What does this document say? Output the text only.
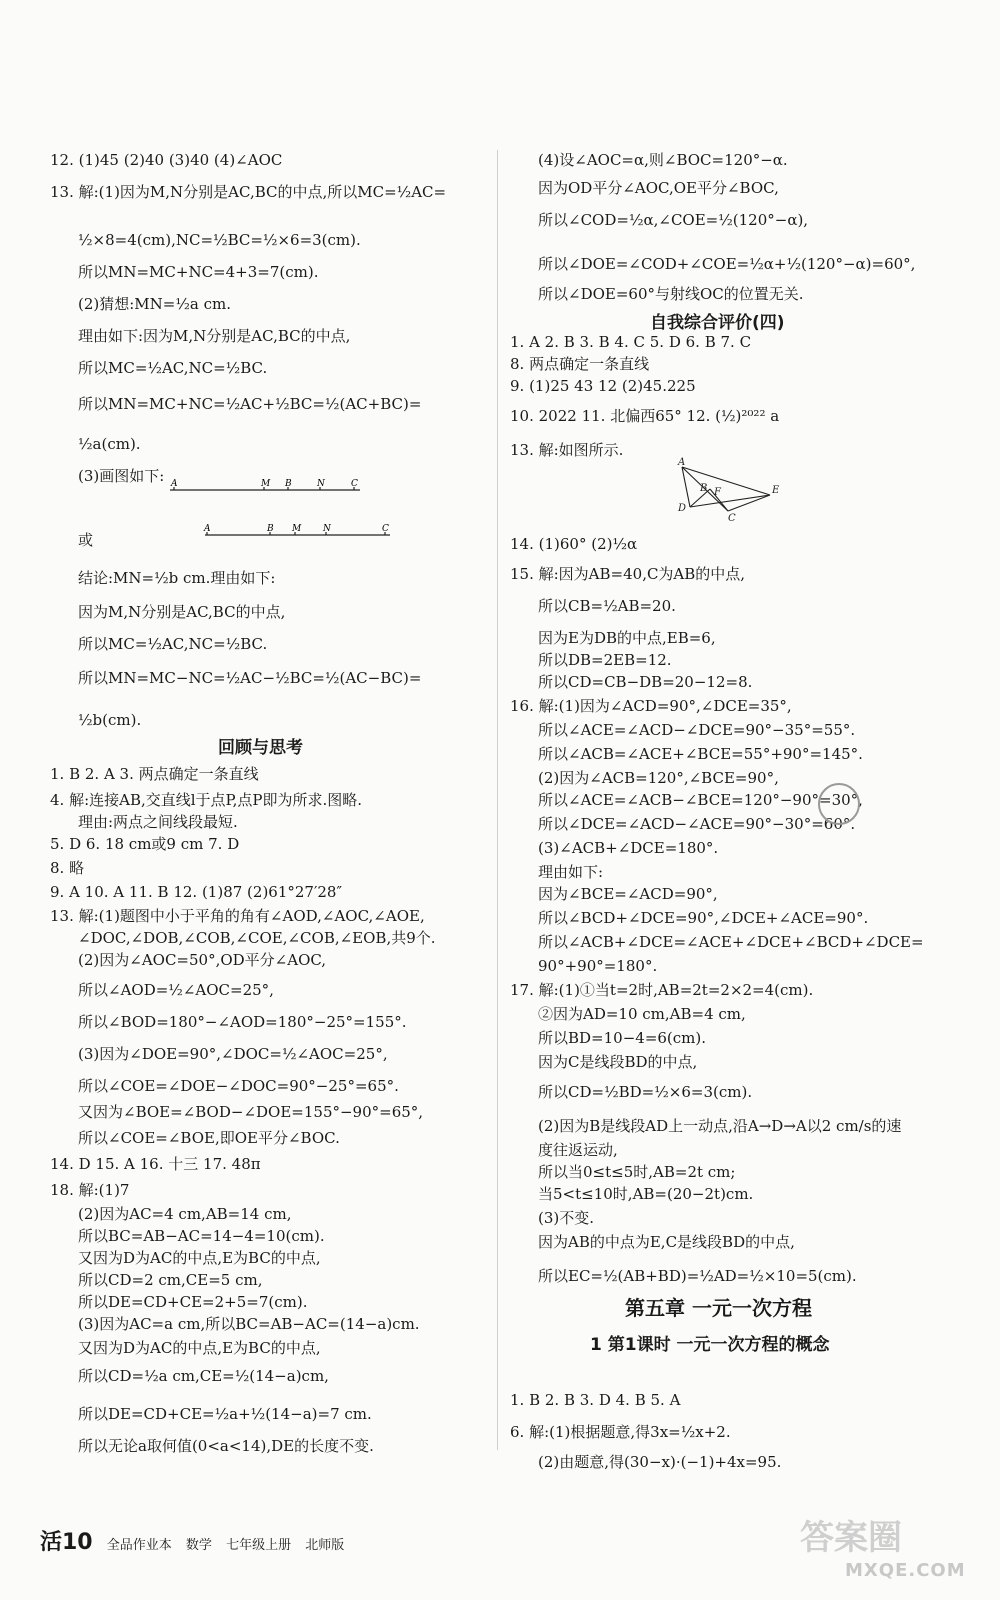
12. (1)45 (2)40 (3)40 (4)∠AOC
13. 解:(1)因为M,N分别是AC,BC的中点,所以MC=½AC=
½×8=4(cm),NC=½BC=½×6=3(cm).
所以MN=MC+NC=4+3=7(cm).
(2)猜想:MN=½a cm.
理由如下:因为M,N分别是AC,BC的中点,
所以MC=½AC,NC=½BC.
所以MN=MC+NC=½AC+½BC=½(AC+BC)=
½a(cm).
(3)画图如下:
或
结论:MN=½b cm.理由如下:
因为M,N分别是AC,BC的中点,
所以MC=½AC,NC=½BC.
所以MN=MC−NC=½AC−½BC=½(AC−BC)=
½b(cm).
1. B 2. A 3. 两点确定一条直线
4. 解:连接AB,交直线l于点P,点P即为所求.图略.
理由:两点之间线段最短.
5. D 6. 18 cm或9 cm 7. D
8. 略
9. A 10. A 11. B 12. (1)87 (2)61°27′28″
13. 解:(1)题图中小于平角的角有∠AOD,∠AOC,∠AOE,
∠DOC,∠DOB,∠COB,∠COE,∠COB,∠EOB,共9个.
(2)因为∠AOC=50°,OD平分∠AOC,
所以∠AOD=½∠AOC=25°,
所以∠BOD=180°−∠AOD=180°−25°=155°.
(3)因为∠DOE=90°,∠DOC=½∠AOC=25°,
所以∠COE=∠DOE−∠DOC=90°−25°=65°.
又因为∠BOE=∠BOD−∠DOE=155°−90°=65°,
所以∠COE=∠BOE,即OE平分∠BOC.
14. D 15. A 16. 十三 17. 48π
18. 解:(1)7
(2)因为AC=4 cm,AB=14 cm,
所以BC=AB−AC=14−4=10(cm).
又因为D为AC的中点,E为BC的中点,
所以CD=2 cm,CE=5 cm,
所以DE=CD+CE=2+5=7(cm).
(3)因为AC=a cm,所以BC=AB−AC=(14−a)cm.
又因为D为AC的中点,E为BC的中点,
所以CD=½a cm,CE=½(14−a)cm,
所以DE=CD+CE=½a+½(14−a)=7 cm.
所以无论a取何值(0<a<14),DE的长度不变.
(4)设∠AOC=α,则∠BOC=120°−α.
因为OD平分∠AOC,OE平分∠BOC,
所以∠COD=½α,∠COE=½(120°−α),
所以∠DOE=∠COD+∠COE=½α+½(120°−α)=60°,
所以∠DOE=60°与射线OC的位置无关.
1. A 2. B 3. B 4. C 5. D 6. B 7. C
8. 两点确定一条直线
9. (1)25 43 12 (2)45.225
10. 2022 11. 北偏西65° 12. (½)²⁰²² a
13. 解:如图所示.
14. (1)60° (2)½α
15. 解:因为AB=40,C为AB的中点,
所以CB=½AB=20.
因为E为DB的中点,EB=6,
所以DB=2EB=12.
所以CD=CB−DB=20−12=8.
16. 解:(1)因为∠ACD=90°,∠DCE=35°,
所以∠ACE=∠ACD−∠DCE=90°−35°=55°.
所以∠ACB=∠ACE+∠BCE=55°+90°=145°.
(2)因为∠ACB=120°,∠BCE=90°,
所以∠ACE=∠ACB−∠BCE=120°−90°=30°,
所以∠DCE=∠ACD−∠ACE=90°−30°=60°.
(3)∠ACB+∠DCE=180°.
理由如下:
因为∠BCE=∠ACD=90°,
所以∠BCD+∠DCE=90°,∠DCE+∠ACE=90°.
所以∠ACB+∠DCE=∠ACE+∠DCE+∠BCD+∠DCE=
90°+90°=180°.
17. 解:(1)①当t=2时,AB=2t=2×2=4(cm).
②因为AD=10 cm,AB=4 cm,
所以BD=10−4=6(cm).
因为C是线段BD的中点,
所以CD=½BD=½×6=3(cm).
(2)因为B是线段AD上一动点,沿A→D→A以2 cm/s的速
度往返运动,
所以当0≤t≤5时,AB=2t cm;
当5<t≤10时,AB=(20−2t)cm.
(3)不变.
因为AB的中点为E,C是线段BD的中点,
所以EC=½(AB+BD)=½AD=½×10=5(cm).
1. B 2. B 3. D 4. B 5. A
6. 解:(1)根据题意,得3x=½x+2.
(2)由题意,得(30−x)·(−1)+4x=95.
回顾与思考
自我综合评价(四)
第五章 一元一次方程
1 第1课时 一元一次方程的概念
A	M B	N	C
A	B M N	C
A
B F	E
C
D
活10 全品作业本 数学 七年级上册 北师版	答案圈
MXQE.COM
